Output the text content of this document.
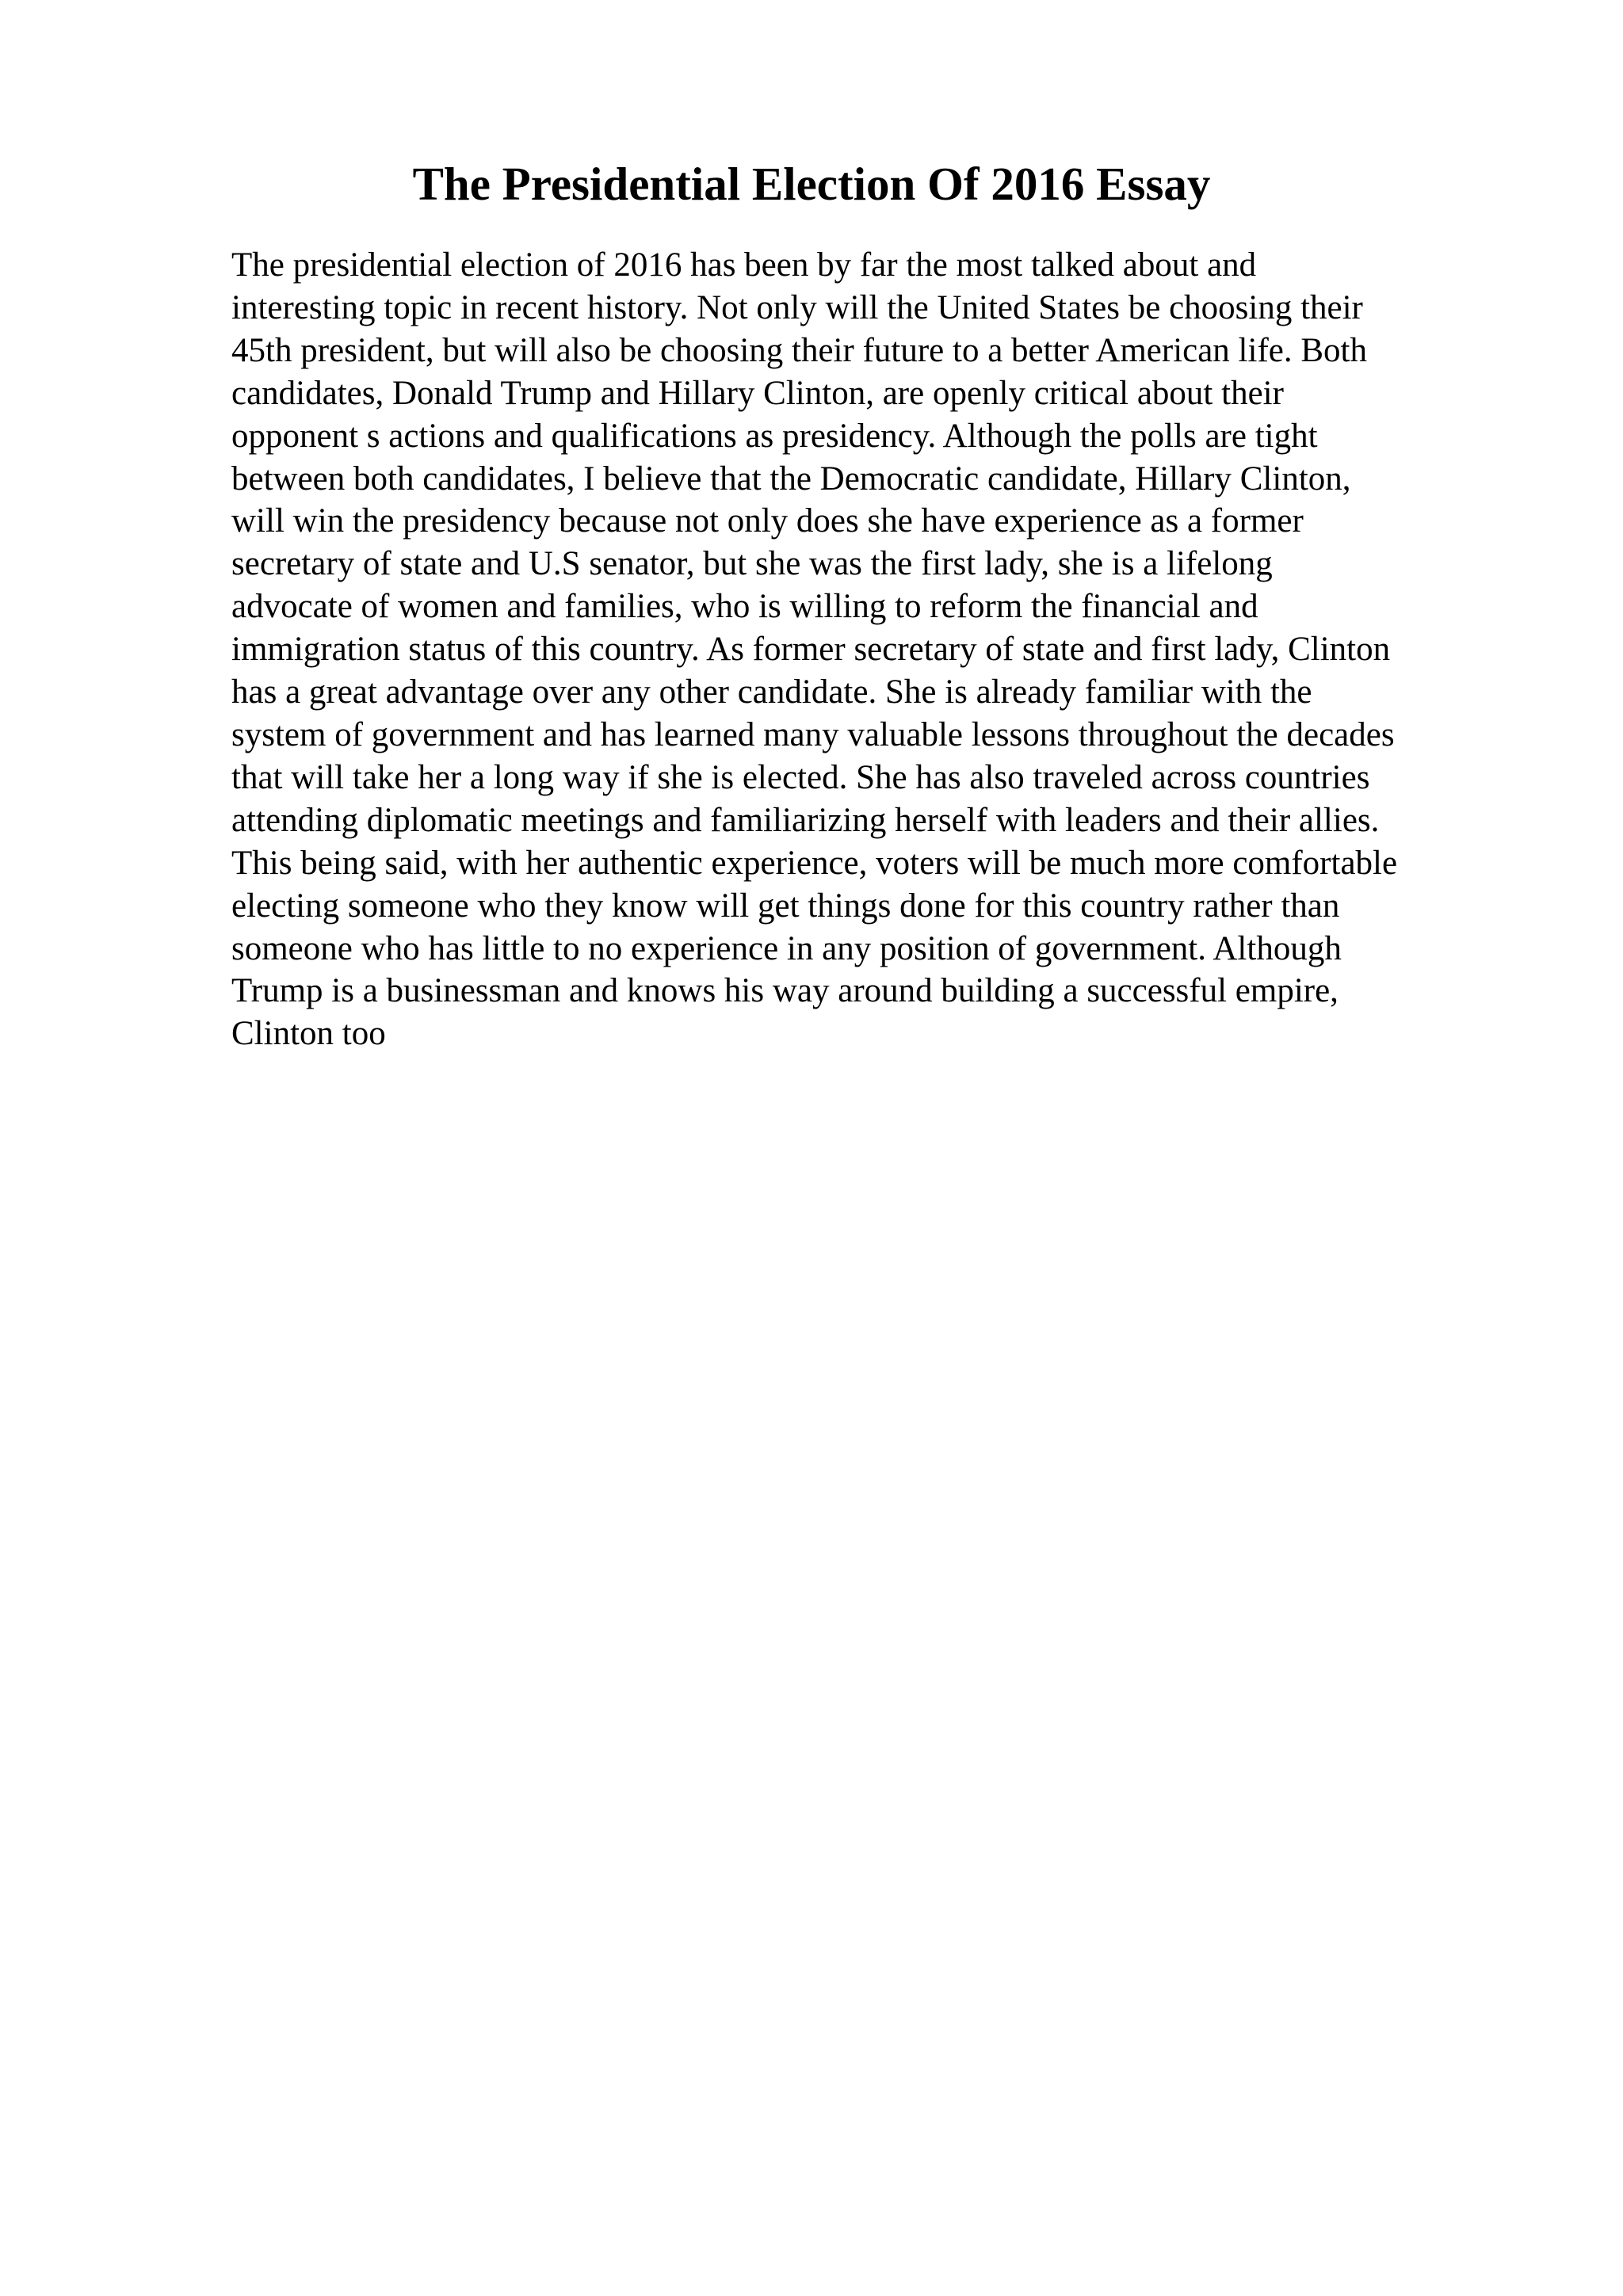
The Presidential Election Of 2016 Essay
The presidential election of 2016 has been by far the most talked about and
interesting topic in recent history. Not only will the United States be choosing their
45th president, but will also be choosing their future to a better American life. Both
candidates, Donald Trump and Hillary Clinton, are openly critical about their
opponent s actions and qualifications as presidency. Although the polls are tight
between both candidates, I believe that the Democratic candidate, Hillary Clinton,
will win the presidency because not only does she have experience as a former
secretary of state and U.S senator, but she was the first lady, she is a lifelong
advocate of women and families, who is willing to reform the financial and
immigration status of this country. As former secretary of state and first lady, Clinton
has a great advantage over any other candidate. She is already familiar with the
system of government and has learned many valuable lessons throughout the decades
that will take her a long way if she is elected. She has also traveled across countries
attending diplomatic meetings and familiarizing herself with leaders and their allies.
This being said, with her authentic experience, voters will be much more comfortable
electing someone who they know will get things done for this country rather than
someone who has little to no experience in any position of government. Although
Trump is a businessman and knows his way around building a successful empire,
Clinton too
